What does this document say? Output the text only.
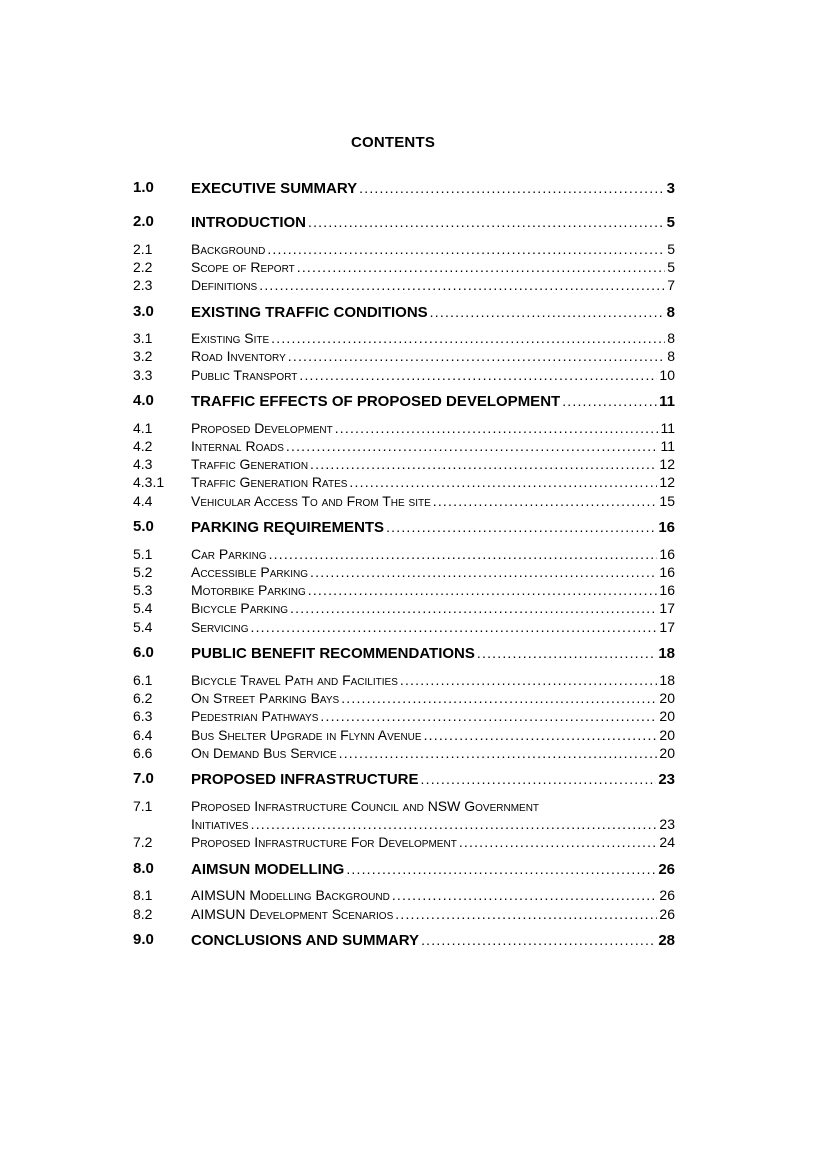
CONTENTS
1.0 EXECUTIVE SUMMARY .....	3
2.0 INTRODUCTION .....	5
2.1	Background .....	5
2.2	Scope of Report .....	5
2.3	Definitions .....	7
3.0 EXISTING TRAFFIC CONDITIONS .....	8
3.1	Existing Site .....	8
3.2	Road Inventory .....	8
3.3	Public Transport .....	10
4.0 TRAFFIC EFFECTS OF PROPOSED DEVELOPMENT .....	11
4.1	Proposed Development .....	11
4.2	Internal Roads .....	11
4.3	Traffic Generation .....	12
4.3.1 Traffic Generation Rates .....	12
4.4	Vehicular Access To and From The site .....	15
5.0 PARKING REQUIREMENTS .....	16
5.1	Car Parking .....	16
5.2	Accessible Parking .....	16
5.3	Motorbike Parking .....	16
5.4	Bicycle Parking .....	17
5.4	Servicing .....	17
6.0 PUBLIC BENEFIT RECOMMENDATIONS .....	18
6.1	Bicycle Travel Path and Facilities .....	18
6.2	On Street Parking Bays .....	20
6.3	Pedestrian Pathways .....	20
6.4	Bus Shelter Upgrade in Flynn Avenue .....	20
6.6	On Demand Bus Service .....	20
7.0 PROPOSED INFRASTRUCTURE .....	23
7.1	Proposed Infrastructure Council and NSW Government
Initiatives .....	23
7.2	Proposed Infrastructure For Development .....	24
8.0 AIMSUN MODELLING .....	26
8.1	AIMSUN Modelling Background .....	26
8.2	AIMSUN Development Scenarios .....	26
9.0 CONCLUSIONS AND SUMMARY .....	28
